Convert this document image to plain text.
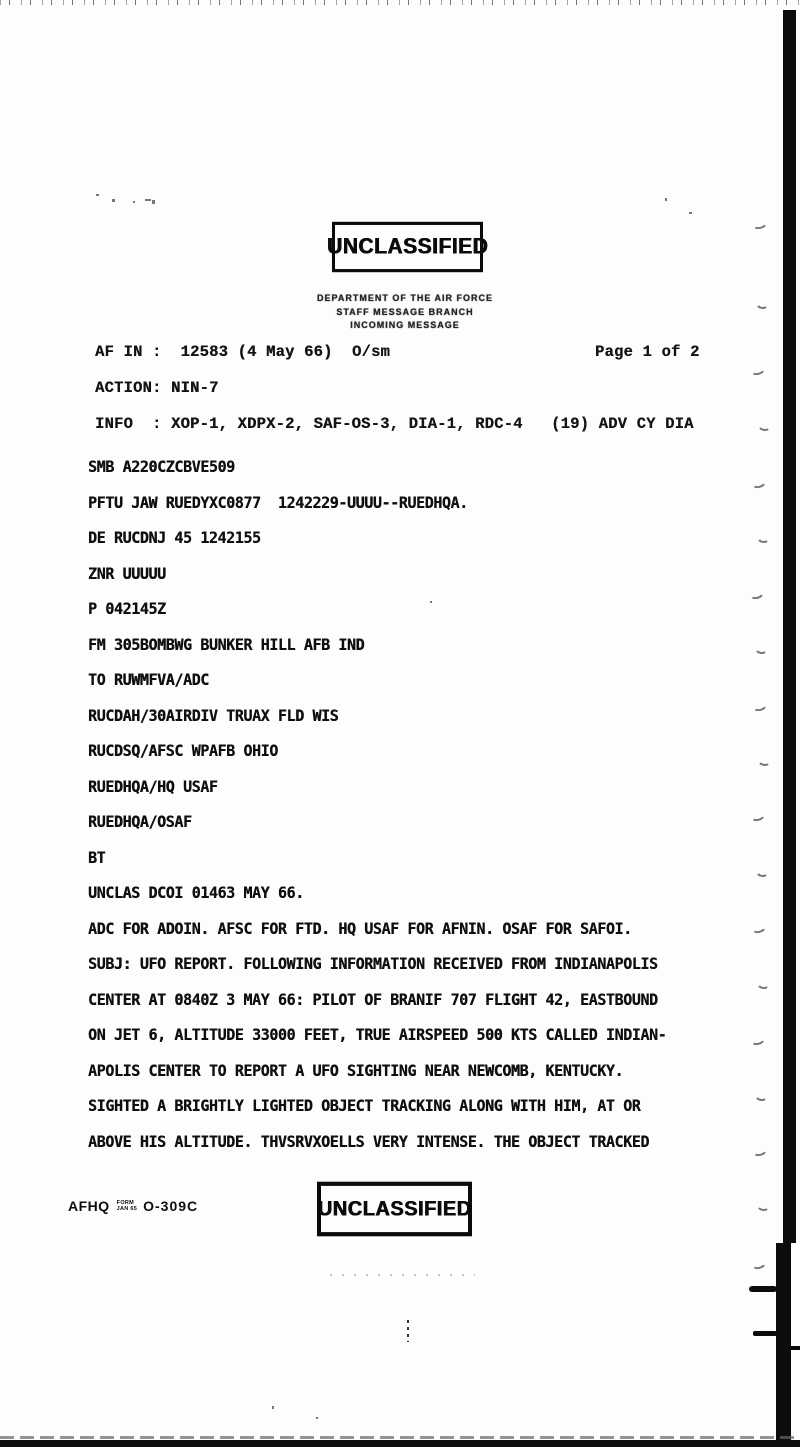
UNCLASSIFIED
DEPARTMENT OF THE AIR FORCE
STAFF MESSAGE BRANCH
INCOMING MESSAGE
AF IN : 12583 (4 May 66) O/sm	Page 1 of 2
ACTION: NIN-7
INFO  : XOP-1, XDPX-2, SAF-OS-3, DIA-1, RDC-4 (19) ADV CY DIA
SMB A220CZCBVE509
PFTU JAW RUEDYXC0877  1242229-UUUU--RUEDHQA.
DE RUCDNJ 45 1242155
ZNR UUUUU
P 042145Z
FM 305BOMBWG BUNKER HILL AFB IND
TO RUWMFVA/ADC
RUCDAH/30AIRDIV TRUAX FLD WIS
RUCDSQ/AFSC WPAFB OHIO
RUEDHQA/HQ USAF
RUEDHQA/OSAF
BT
UNCLAS DCOI 01463 MAY 66.
ADC FOR ADOIN. AFSC FOR FTD. HQ USAF FOR AFNIN. OSAF FOR SAFOI.
SUBJ: UFO REPORT. FOLLOWING INFORMATION RECEIVED FROM INDIANAPOLIS
CENTER AT 0840Z 3 MAY 66: PILOT OF BRANIF 707 FLIGHT 42, EASTBOUND
ON JET 6, ALTITUDE 33000 FEET, TRUE AIRSPEED 500 KTS CALLED INDIAN-
APOLIS CENTER TO REPORT A UFO SIGHTING NEAR NEWCOMB, KENTUCKY.
SIGHTED A BRIGHTLY LIGHTED OBJECT TRACKING ALONG WITH HIM, AT OR
ABOVE HIS ALTITUDE. THVSRVXOELLS VERY INTENSE. THE OBJECT TRACKED
AFHQ FORM
JAN 65 O-309C	UNCLASSIFIED
